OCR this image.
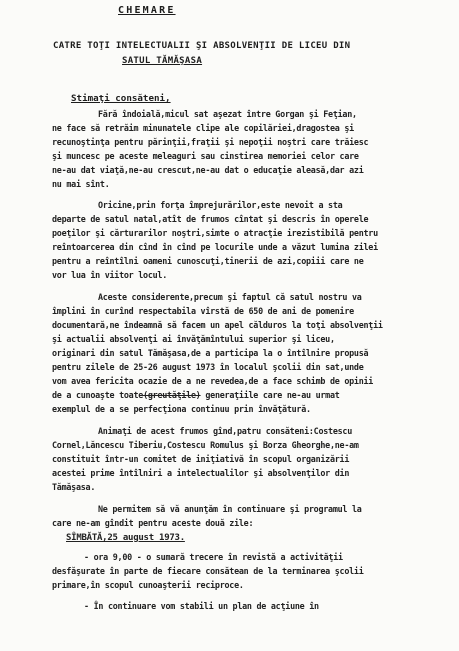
CHEMARE
CATRE TOŢI INTELECTUALII ŞI ABSOLVENŢII DE LICEU DIN
SATUL TĂMĂŞASA
Stimaţi consăteni,
Fără îndoială,micul sat aşezat între Gorgan şi Feţian,
ne face să retrăim minunatele clipe ale copilăriei,dragostea şi
recunoştinţa pentru părinţii,fraţii şi nepoţii noştri care trăiesc
şi muncesc pe aceste meleaguri sau cinstirea memoriei celor care
ne-au dat viaţă,ne-au crescut,ne-au dat o educaţie aleasă,dar azi
nu mai sînt.
Oricine,prin forţa împrejurărilor,este nevoit a sta
departe de satul natal,atît de frumos cîntat şi descris în operele
poeţilor şi cărturarilor noştri,simte o atracţie irezistibilă pentru
reîntoarcerea din cînd în cînd pe locurile unde a văzut lumina zilei
pentru a reîntîlni oameni cunoscuţi,tinerii de azi,copiii care ne
vor lua în viitor locul.
Aceste considerente,precum şi faptul că satul nostru va
împlini în curînd respectabila vîrstă de 650 de ani de pomenire
documentară,ne îndeamnă să facem un apel călduros la toţi absolvenţii
şi actualii absolvenţi ai învăţămîntului superior şi liceu,
originari din satul Tămăşasa,de a participa la o întîlnire propusă
pentru zilele de 25-26 august 1973 în localul şcolii din sat,unde
vom avea fericita ocazie de a ne revedea,de a face schimb de opinii
de a cunoaşte toate(greutăţile) generaţiile care ne-au urmat
exemplul de a se perfecţiona continuu prin învăţătură.
Animaţi de acest frumos gînd,patru consăteni:Costescu
Cornel,Lăncescu Tiberiu,Costescu Romulus şi Borza Gheorghe,ne-am
constituit într-un comitet de iniţiativă în scopul organizării
acestei prime întîlniri a intelectualilor şi absolvenţilor din
Tămăşasa.
Ne permitem să vă anunţăm în continuare şi programul la
care ne-am gîndit pentru aceste două zile:
SÎMBĂTĂ,25 august 1973.
- ora 9,00 - o sumară trecere în revistă a activităţii
desfăşurate în parte de fiecare consătean de la terminarea şcolii
primare,în scopul cunoaşterii reciproce.
- În continuare vom stabili un plan de acţiune în
